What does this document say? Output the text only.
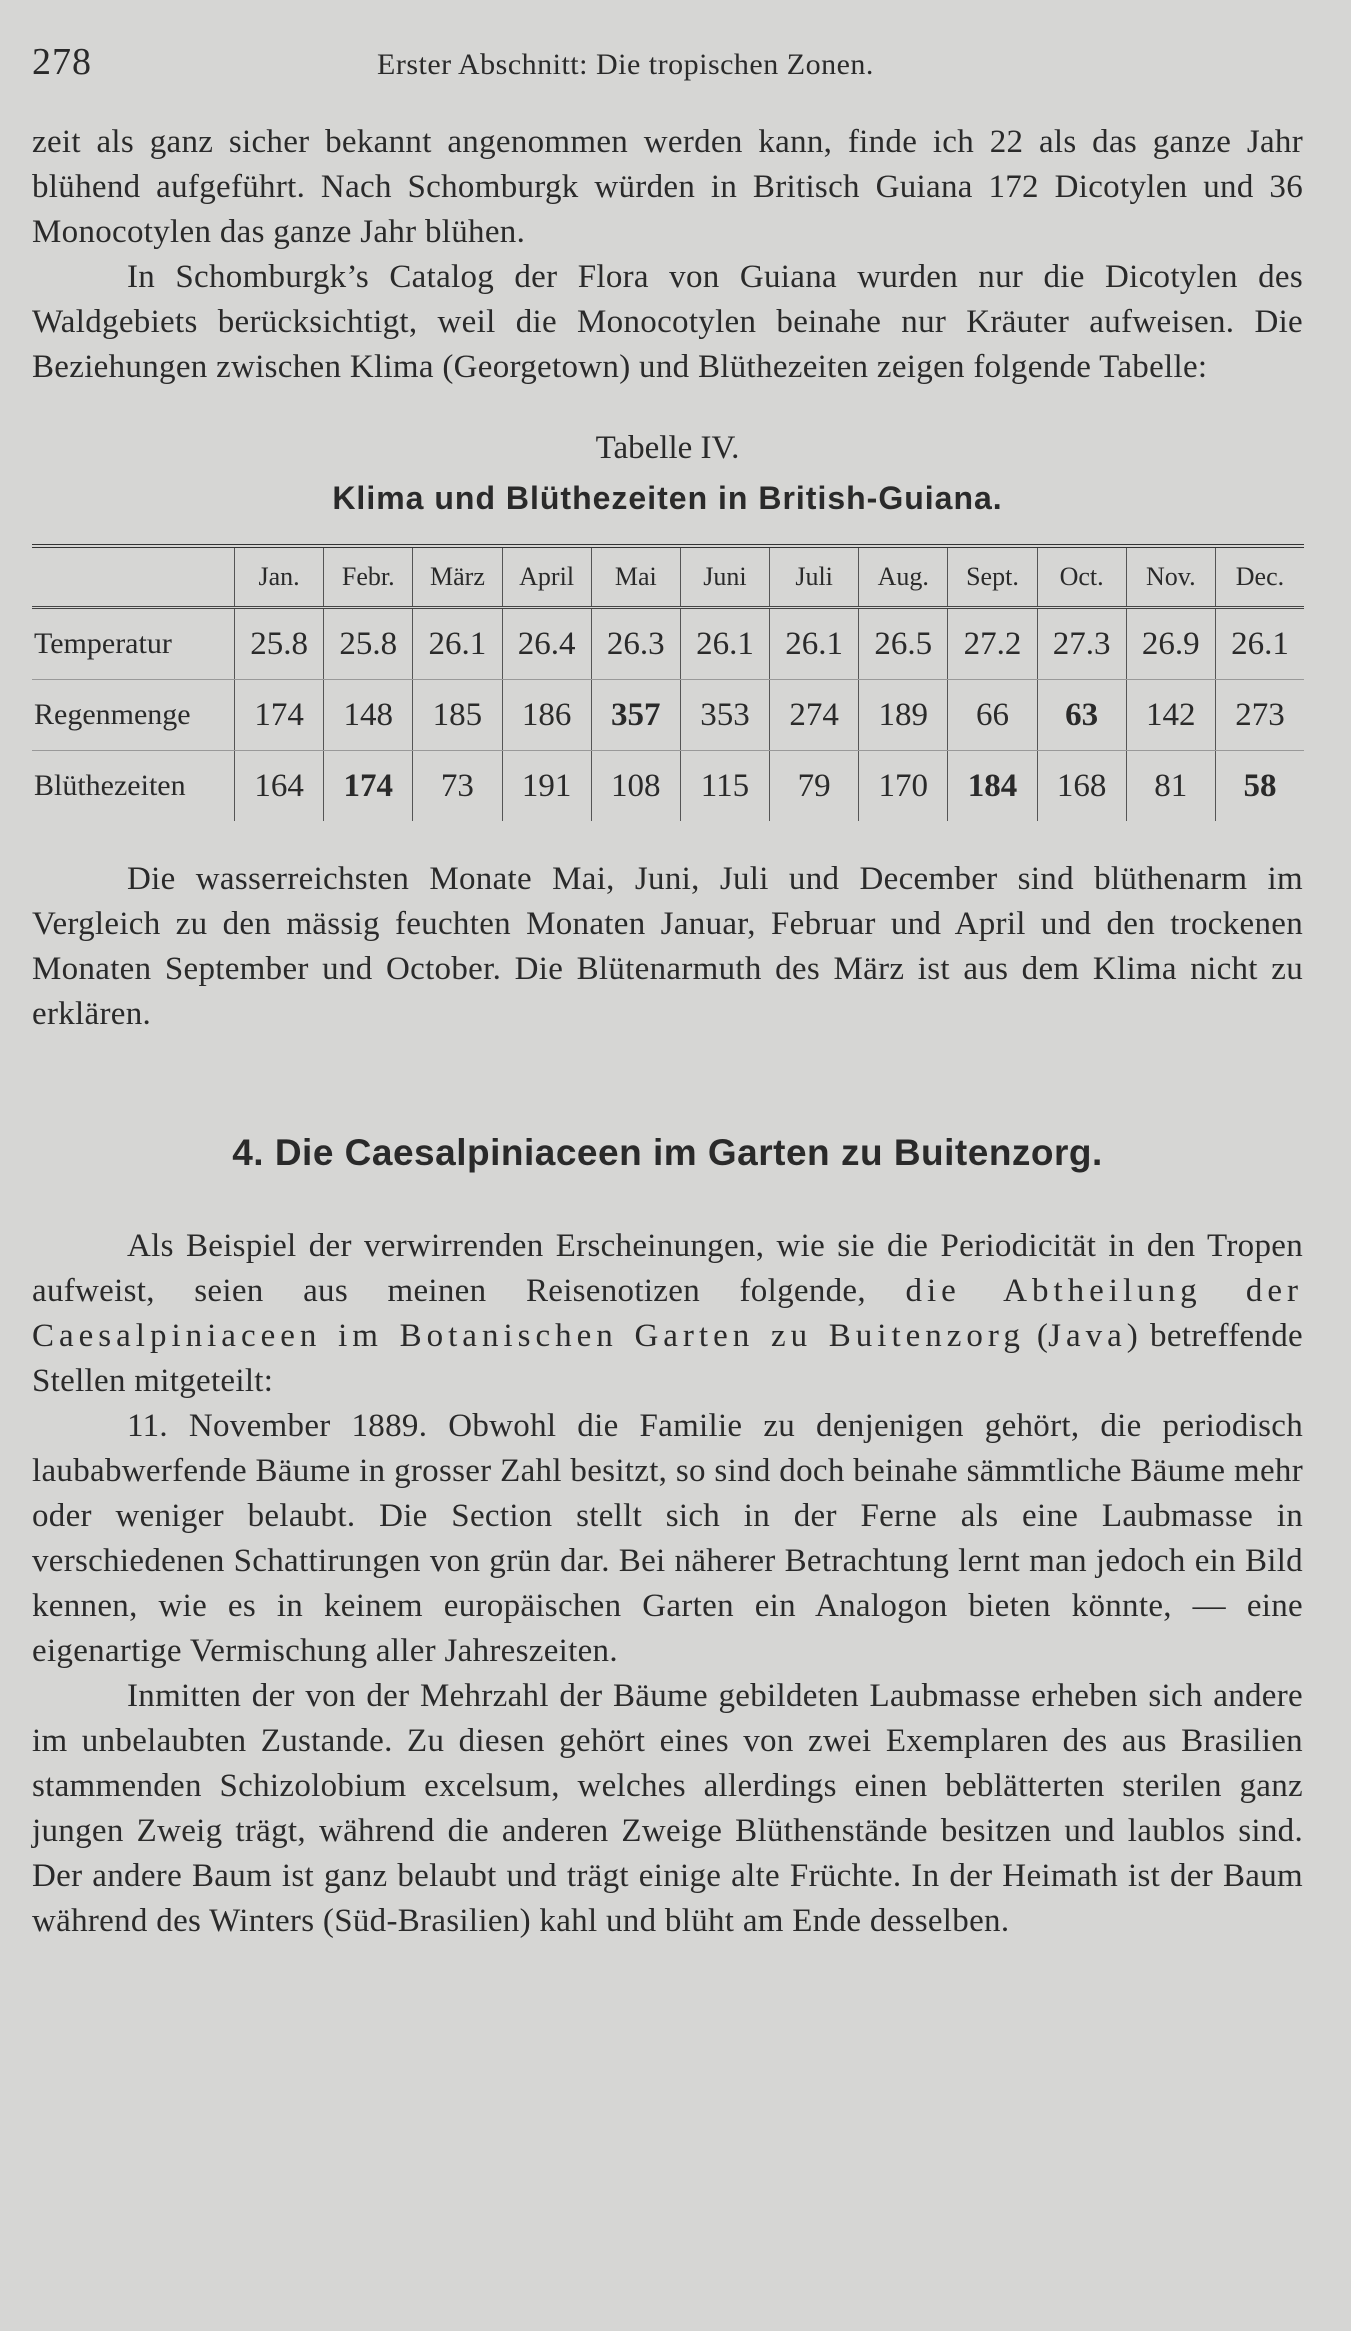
278	Erster Abschnitt: Die tropischen Zonen.

zeit als ganz sicher bekannt angenommen werden kann, finde ich 22 als das ganze Jahr blühend aufgeführt. Nach Schomburgk würden in Britisch Guiana 172 Dicotylen und 36 Monocotylen das ganze Jahr blühen.

In Schomburgk’s Catalog der Flora von Guiana wurden nur die Dicotylen des Waldgebiets berücksichtigt, weil die Monocotylen beinahe nur Kräuter aufweisen. Die Beziehungen zwischen Klima (Georgetown) und Blüthezeiten zeigen folgende Tabelle:

Tabelle IV.
Klima und Blüthezeiten in British-Guiana.
	Jan.	Febr.	März	April	Mai	Juni	Juli	Aug.	Sept.	Oct.	Nov.	Dec.
Temperatur	25.8	25.8	26.1	26.4	26.3	26.1	26.1	26.5	27.2	27.3	26.9	26.1
Regenmenge	174	148	185	186	357	353	274	189	66	63	142	273
Blüthezeiten	164	174	73	191	108	115	79	170	184	168	81	58

Die wasserreichsten Monate Mai, Juni, Juli und December sind blüthenarm im Vergleich zu den mässig feuchten Monaten Januar, Februar und April und den trockenen Monaten September und October. Die Blütenarmuth des März ist aus dem Klima nicht zu erklären.

4. Die Caesalpiniaceen im Garten zu Buitenzorg.

Als Beispiel der verwirrenden Erscheinungen, wie sie die Periodicität in den Tropen aufweist, seien aus meinen Reisenotizen folgende, die Abtheilung der Caesalpiniaceen im Botanischen Garten zu Buitenzorg (Java) betreffende Stellen mitgeteilt:

11. November 1889. Obwohl die Familie zu denjenigen gehört, die periodisch laubabwerfende Bäume in grosser Zahl besitzt, so sind doch beinahe sämmtliche Bäume mehr oder weniger belaubt. Die Section stellt sich in der Ferne als eine Laubmasse in verschiedenen Schattirungen von grün dar. Bei näherer Betrachtung lernt man jedoch ein Bild kennen, wie es in keinem europäischen Garten ein Analogon bieten könnte, — eine eigenartige Vermischung aller Jahreszeiten.

Inmitten der von der Mehrzahl der Bäume gebildeten Laubmasse erheben sich andere im unbelaubten Zustande. Zu diesen gehört eines von zwei Exemplaren des aus Brasilien stammenden Schizolobium excelsum, welches allerdings einen beblätterten sterilen ganz jungen Zweig trägt, während die anderen Zweige Blüthenstände besitzen und laublos sind. Der andere Baum ist ganz belaubt und trägt einige alte Früchte. In der Heimath ist der Baum während des Winters (Süd-Brasilien) kahl und blüht am Ende desselben.
